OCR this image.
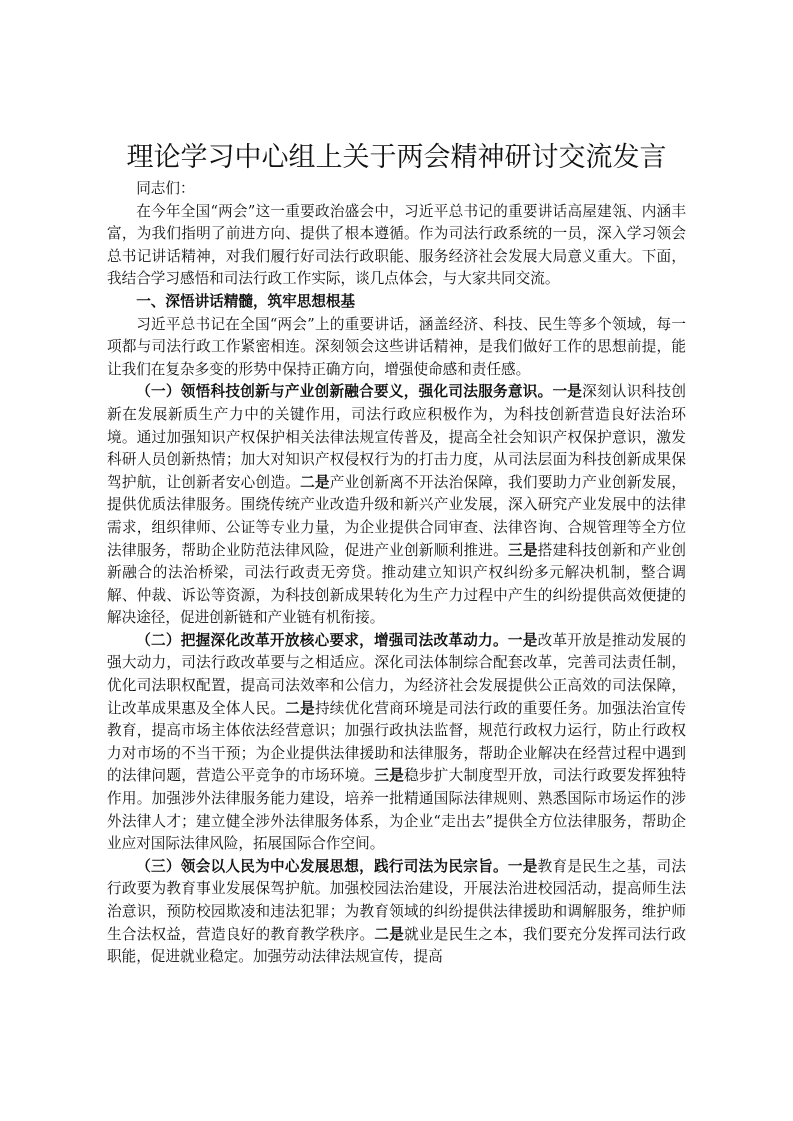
理论学习中心组上关于两会精神研讨交流发言

同志们：

在今年全国“两会”这一重要政治盛会中，习近平总书记的重要讲话高屋建瓴、内涵丰富，为我们指明了前进方向、提供了根本遵循。作为司法行政系统的一员，深入学习领会总书记讲话精神，对我们履行好司法行政职能、服务经济社会发展大局意义重大。下面，我结合学习感悟和司法行政工作实际，谈几点体会，与大家共同交流。

一、深悟讲话精髓，筑牢思想根基

习近平总书记在全国“两会”上的重要讲话，涵盖经济、科技、民生等多个领域，每一项都与司法行政工作紧密相连。深刻领会这些讲话精神，是我们做好工作的思想前提，能让我们在复杂多变的形势中保持正确方向，增强使命感和责任感。

（一）领悟科技创新与产业创新融合要义，强化司法服务意识。一是深刻认识科技创新在发展新质生产力中的关键作用，司法行政应积极作为，为科技创新营造良好法治环境。通过加强知识产权保护相关法律法规宣传普及，提高全社会知识产权保护意识，激发科研人员创新热情；加大对知识产权侵权行为的打击力度，从司法层面为科技创新成果保驾护航，让创新者安心创造。二是产业创新离不开法治保障，我们要助力产业创新发展，提供优质法律服务。围绕传统产业改造升级和新兴产业发展，深入研究产业发展中的法律需求，组织律师、公证等专业力量，为企业提供合同审查、法律咨询、合规管理等全方位法律服务，帮助企业防范法律风险，促进产业创新顺利推进。三是搭建科技创新和产业创新融合的法治桥梁，司法行政责无旁贷。推动建立知识产权纠纷多元解决机制，整合调解、仲裁、诉讼等资源，为科技创新成果转化为生产力过程中产生的纠纷提供高效便捷的解决途径，促进创新链和产业链有机衔接。

（二）把握深化改革开放核心要求，增强司法改革动力。一是改革开放是推动发展的强大动力，司法行政改革要与之相适应。深化司法体制综合配套改革，完善司法责任制，优化司法职权配置，提高司法效率和公信力，为经济社会发展提供公正高效的司法保障，让改革成果惠及全体人民。二是持续优化营商环境是司法行政的重要任务。加强法治宣传教育，提高市场主体依法经营意识；加强行政执法监督，规范行政权力运行，防止行政权力对市场的不当干预；为企业提供法律援助和法律服务，帮助企业解决在经营过程中遇到的法律问题，营造公平竞争的市场环境。三是稳步扩大制度型开放，司法行政要发挥独特作用。加强涉外法律服务能力建设，培养一批精通国际法律规则、熟悉国际市场运作的涉外法律人才；建立健全涉外法律服务体系，为企业“走出去”提供全方位法律服务，帮助企业应对国际法律风险，拓展国际合作空间。

（三）领会以人民为中心发展思想，践行司法为民宗旨。一是教育是民生之基，司法行政要为教育事业发展保驾护航。加强校园法治建设，开展法治进校园活动，提高师生法治意识，预防校园欺凌和违法犯罪；为教育领域的纠纷提供法律援助和调解服务，维护师生合法权益，营造良好的教育教学秩序。二是就业是民生之本，我们要充分发挥司法行政职能，促进就业稳定。加强劳动法律法规宣传，提高
